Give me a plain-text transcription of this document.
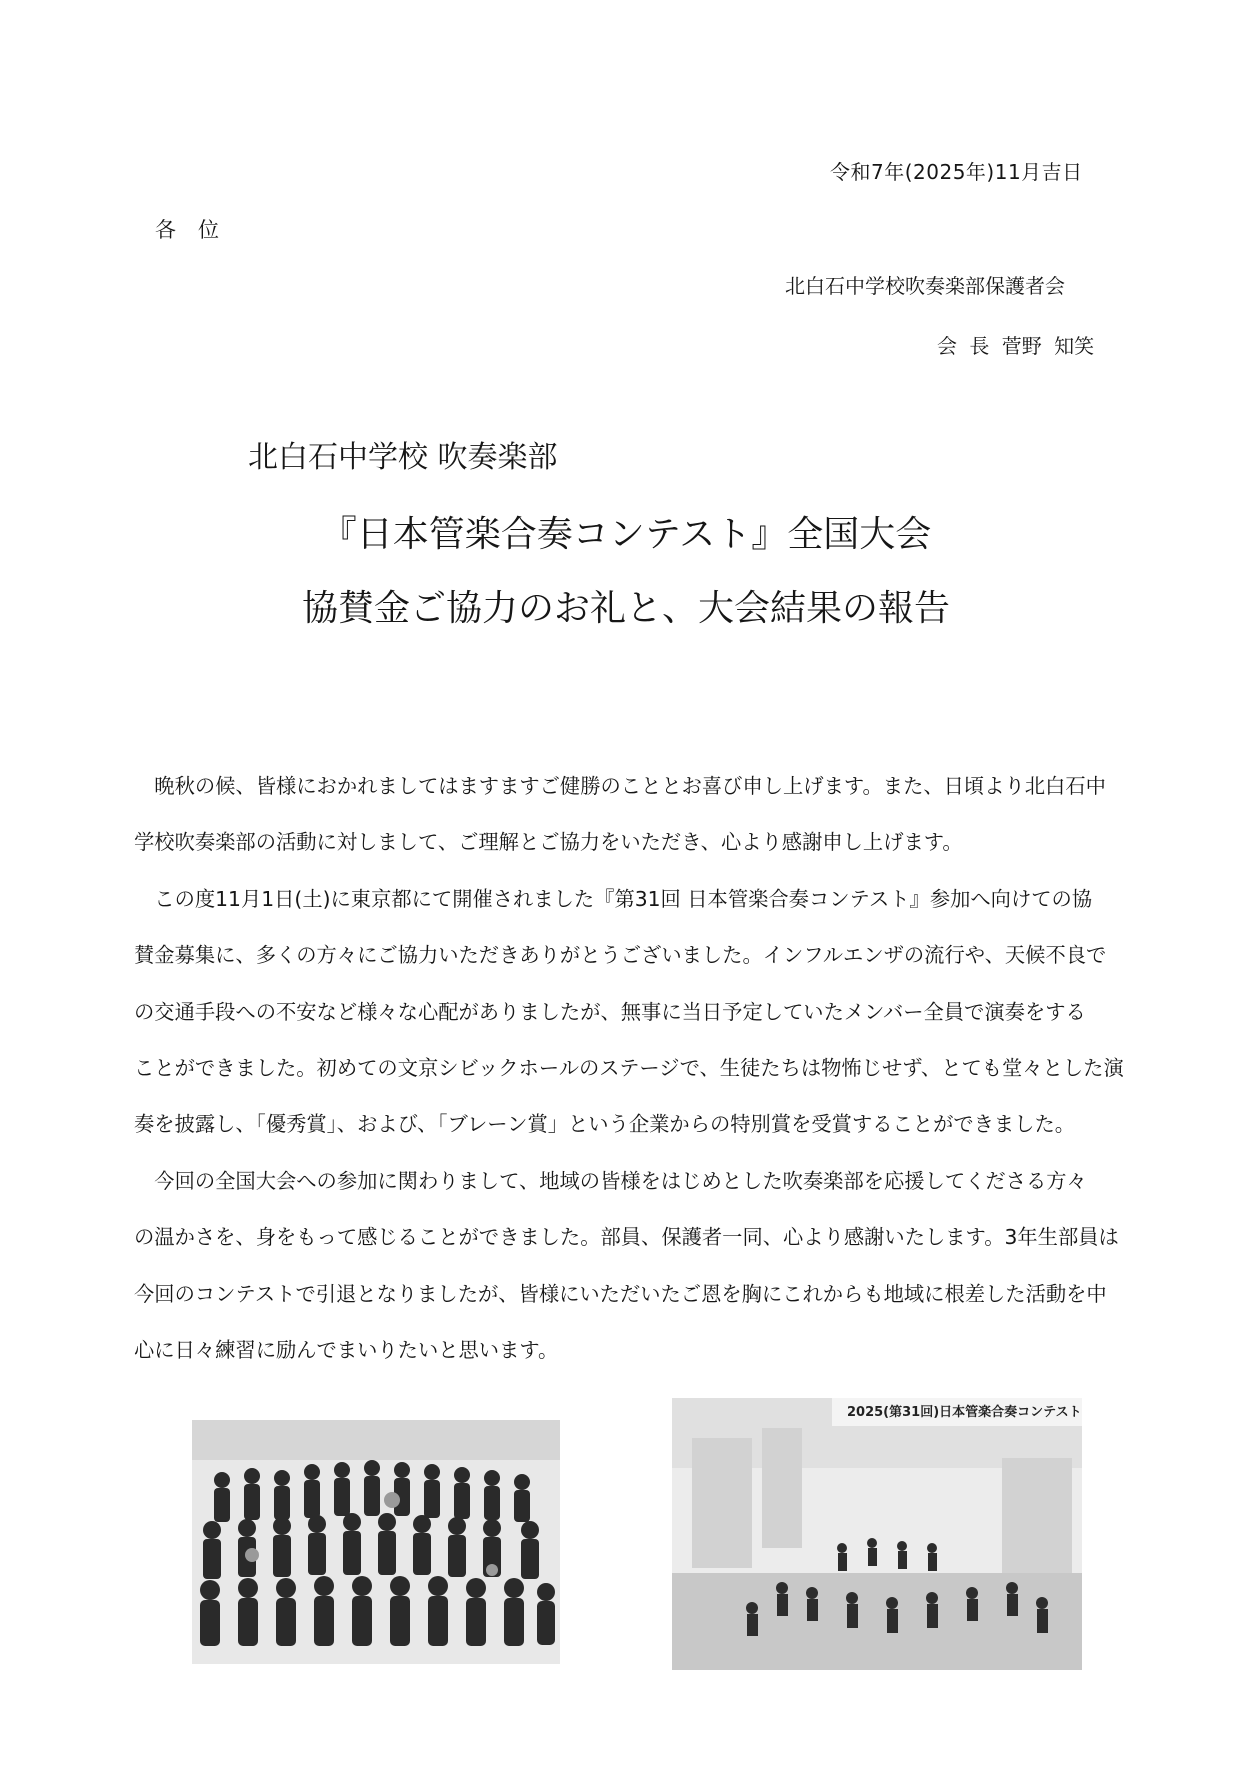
令和7年(2025年)11月吉日
各位
北白石中学校吹奏楽部保護者会
会 長 菅野 知笑
北白石中学校 吹奏楽部
『日本管楽合奏コンテスト』全国大会
協賛金ご協力のお礼と、大会結果の報告

晩秋の候、皆様におかれましてはますますご健勝のこととお喜び申し上げます。また、日頃より北白石中
学校吹奏楽部の活動に対しまして、ご理解とご協力をいただき、心より感謝申し上げます。

この度11月1日(土)に東京都にて開催されました『第31回 日本管楽合奏コンテスト』参加へ向けての協
賛金募集に、多くの方々にご協力いただきありがとうございました。インフルエンザの流行や、天候不良で
の交通手段への不安など様々な心配がありましたが、無事に当日予定していたメンバー全員で演奏をする
ことができました。初めての文京シビックホールのステージで、生徒たちは物怖じせず、とても堂々とした演
奏を披露し、「優秀賞」、および、「ブレーン賞」という企業からの特別賞を受賞することができました。

今回の全国大会への参加に関わりまして、地域の皆様をはじめとした吹奏楽部を応援してくださる方々
の温かさを、身をもって感じることができました。部員、保護者一同、心より感謝いたします。3年生部員は
今回のコンテストで引退となりましたが、皆様にいただいたご恩を胸にこれからも地域に根差した活動を中
心に日々練習に励んでまいりたいと思います。

2025(第31回)日本管楽合奏コンテスト
